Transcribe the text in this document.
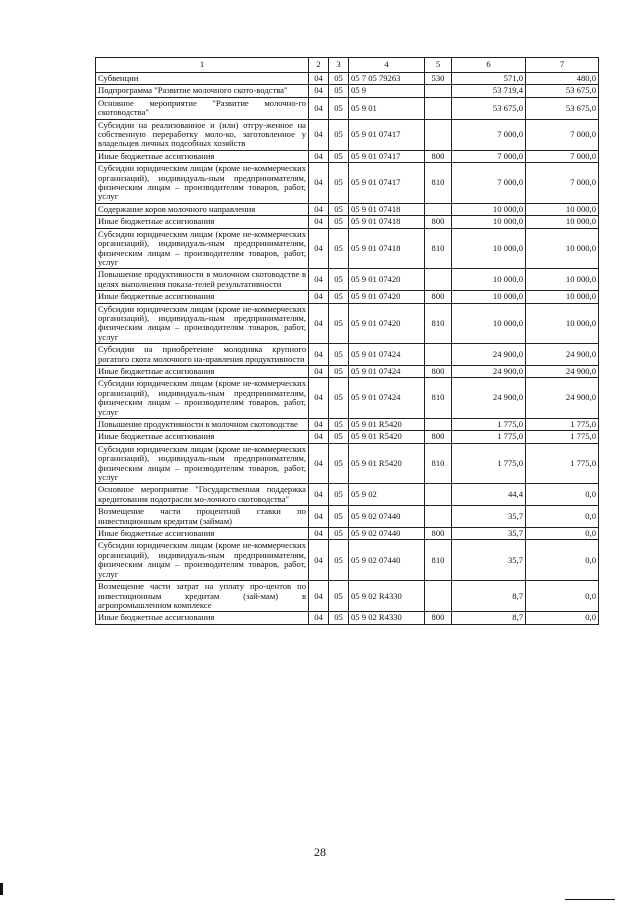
1	2	3	4	5	6	7
Субвенции	04	05	05 7 05 79263	530	571,0	480,0
Подпрограмма "Развитие молочного ското-водства"	04	05	05 9		53 719,4	53 675,0
Основное мероприятие "Развитие молочно-го скотоводства"	04	05	05 9 01		53 675,0	53 675,0
Субсидии на реализованное и (или) отгру-женное на собственную переработку моло-ко, заготовленное у владельцев личных подсобных хозяйств	04	05	05 9 01 07417		7 000,0	7 000,0
Иные бюджетные ассигнования	04	05	05 9 01 07417	800	7 000,0	7 000,0
Субсидии юридическим лицам (кроме не-коммерческих организаций), индивидуаль-ным предпринимателям, физическим лицам – производителям товаров, работ, услуг	04	05	05 9 01 07417	810	7 000,0	7 000,0
Содержание коров молочного направления	04	05	05 9 01 07418		10 000,0	10 000,0
Иные бюджетные ассигнования	04	05	05 9 01 07418	800	10 000,0	10 000,0
Субсидии юридическим лицам (кроме не-коммерческих организаций), индивидуаль-ным предпринимателям, физическим лицам – производителям товаров, работ, услуг	04	05	05 9 01 07418	810	10 000,0	10 000,0
Повышение продуктивности в молочном скотоводстве в целях выполнения показа-телей результативности	04	05	05 9 01 07420		10 000,0	10 000,0
Иные бюджетные ассигнования	04	05	05 9 01 07420	800	10 000,0	10 000,0
Субсидии юридическим лицам (кроме не-коммерческих организаций), индивидуаль-ным предпринимателям, физическим лицам – производителям товаров, работ, услуг	04	05	05 9 01 07420	810	10 000,0	10 000,0
Субсидии на приобретение молодняка крупного рогатого скота молочного на-правления продуктивности	04	05	05 9 01 07424		24 900,0	24 900,0
Иные бюджетные ассигнования	04	05	05 9 01 07424	800	24 900,0	24 900,0
Субсидии юридическим лицам (кроме не-коммерческих организаций), индивидуаль-ным предпринимателям, физическим лицам – производителям товаров, работ, услуг	04	05	05 9 01 07424	810	24 900,0	24 900,0
Повышение продуктивности в молочном скотоводстве	04	05	05 9 01 R5420		1 775,0	1 775,0
Иные бюджетные ассигнования	04	05	05 9 01 R5420	800	1 775,0	1 775,0
Субсидии юридическим лицам (кроме не-коммерческих организаций), индивидуаль-ным предпринимателям, физическим лицам – производителям товаров, работ, услуг	04	05	05 9 01 R5420	810	1 775,0	1 775,0
Основное мероприятие "Государственная поддержка кредитования подотрасли мо-лочного скотоводства"	04	05	05 9 02		44,4	0,0
Возмещение части процентной ставки по инвестиционным кредитам (займам)	04	05	05 9 02 07440		35,7	0,0
Иные бюджетные ассигнования	04	05	05 9 02 07440	800	35,7	0,0
Субсидии юридическим лицам (кроме не-коммерческих организаций), индивидуаль-ным предпринимателям, физическим лицам – производителям товаров, работ, услуг	04	05	05 9 02 07440	810	35,7	0,0
Возмещение части затрат на уплату про-центов по инвестиционным кредитам (зай-мам) в агропромышленном комплексе	04	05	05 9 02 R4330		8,7	0,0
Иные бюджетные ассигнования	04	05	05 9 02 R4330	800	8,7	0,0
28
